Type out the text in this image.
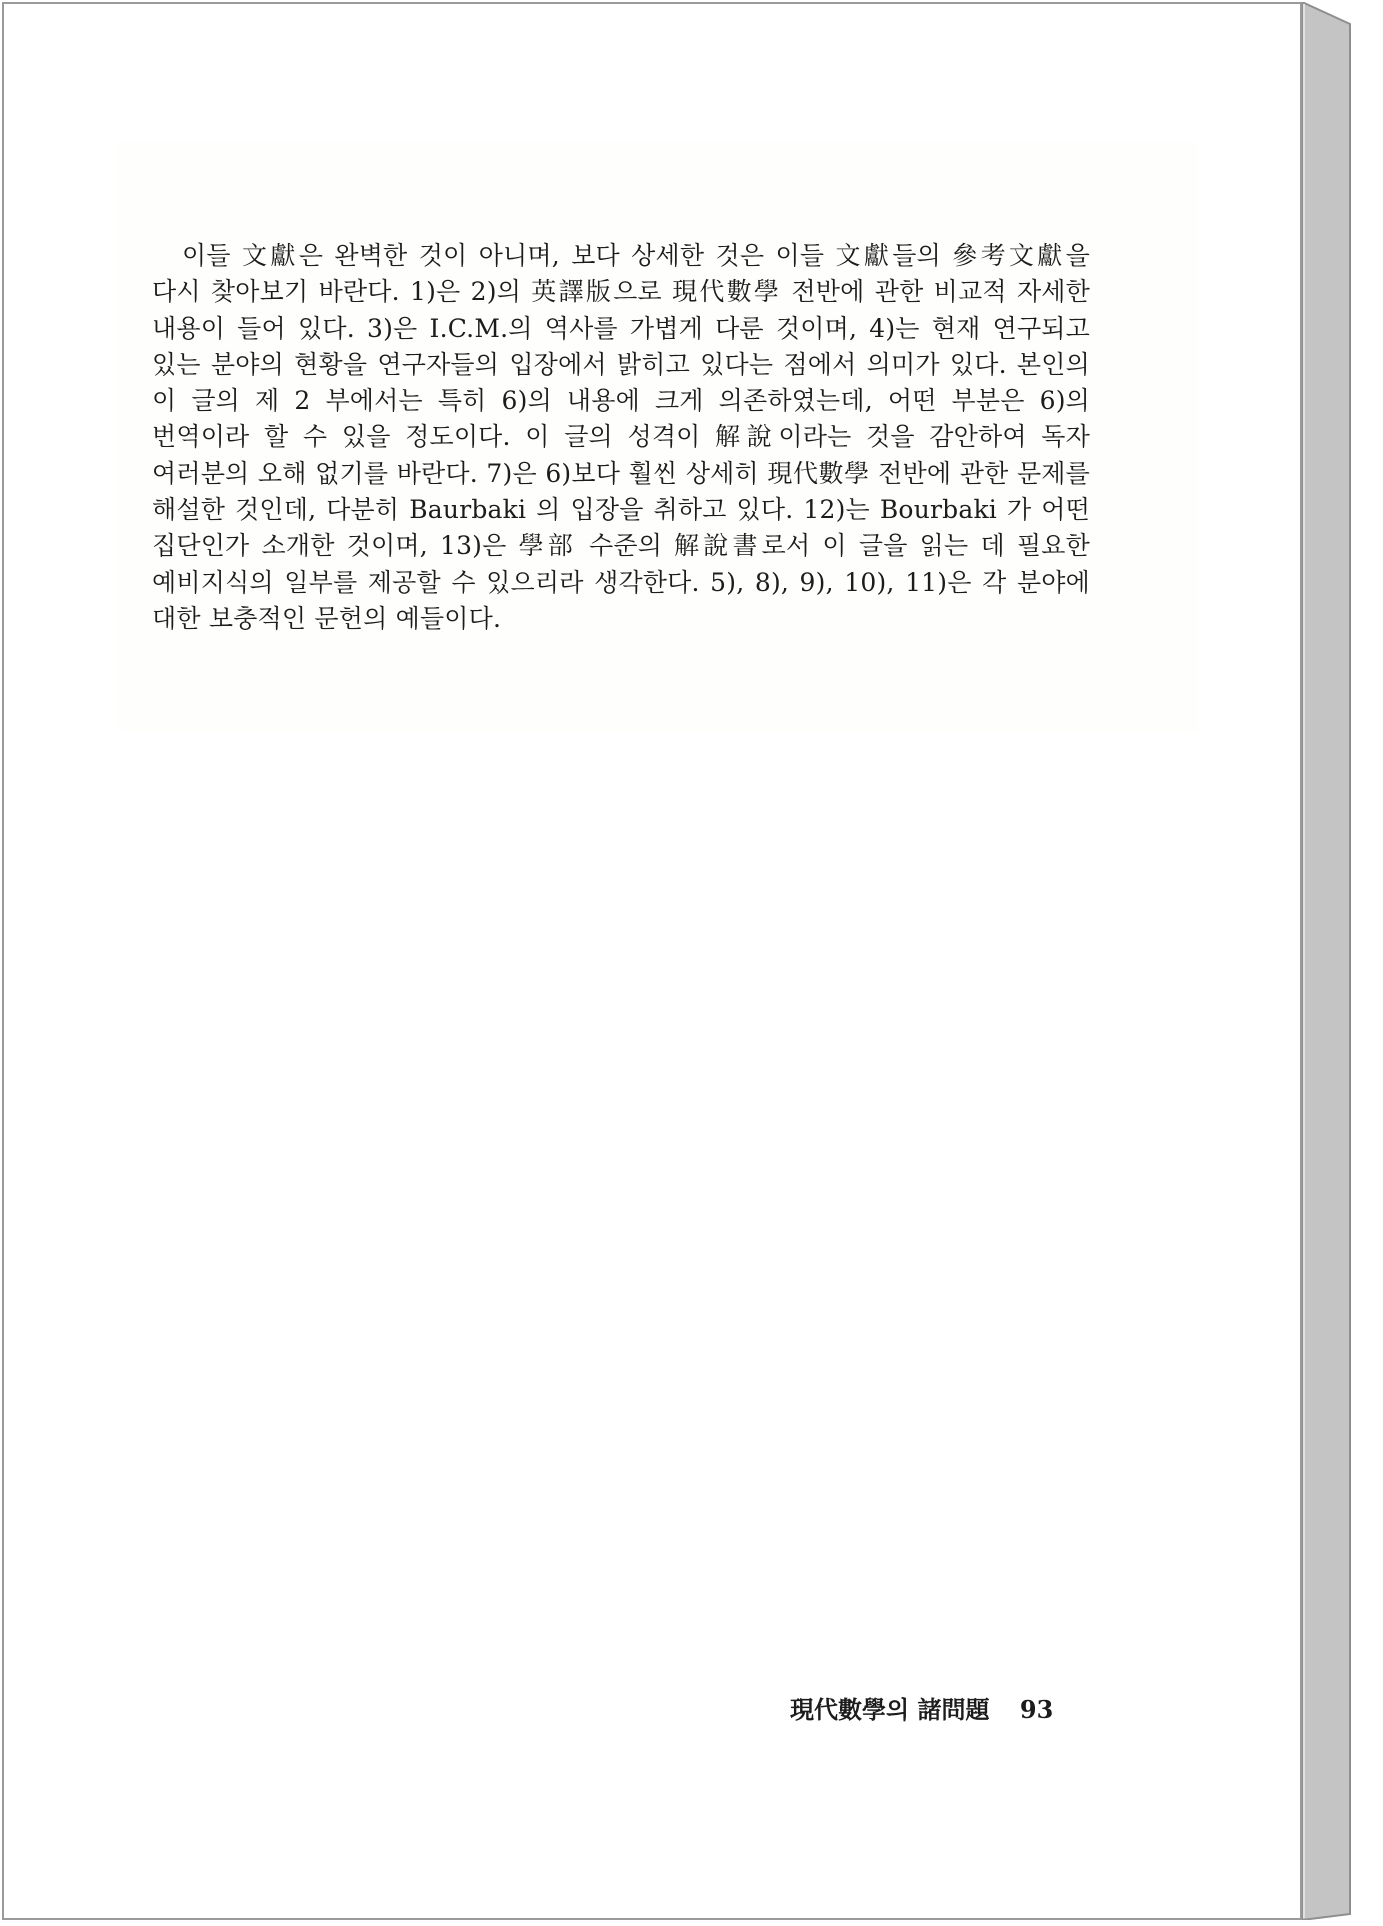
이들 文獻은 완벽한 것이 아니며, 보다 상세한 것은 이들 文獻들의 參考文獻을 다시 찾아보기 바란다. 1)은 2)의 英譯版으로 現代數學 전반에 관한 비교적 자세한 내용이 들어 있다. 3)은 I.C.M.의 역사를 가볍게 다룬 것이며, 4)는 현재 연구되고 있는 분야의 현황을 연구자들의 입장에서 밝히고 있다는 점에서 의미가 있다. 본인의 이 글의 제 2 부에서는 특히 6)의 내용에 크게 의존하였는데, 어떤 부분은 6)의 번역이라 할 수 있을 정도이다. 이 글의 성격이 解說이라는 것을 감안하여 독자 여러분의 오해 없기를 바란다. 7)은 6)보다 훨씬 상세히 現代數學 전반에 관한 문제를 해설한 것인데, 다분히 Baurbaki 의 입장을 취하고 있다. 12)는 Bourbaki 가 어떤 집단인가 소개한 것이며, 13)은 學部 수준의 解說書로서 이 글을 읽는 데 필요한 예비지식의 일부를 제공할 수 있으리라 생각한다. 5), 8), 9), 10), 11)은 각 분야에 대한 보충적인 문헌의 예들이다.

現代數學의 諸問題 93
